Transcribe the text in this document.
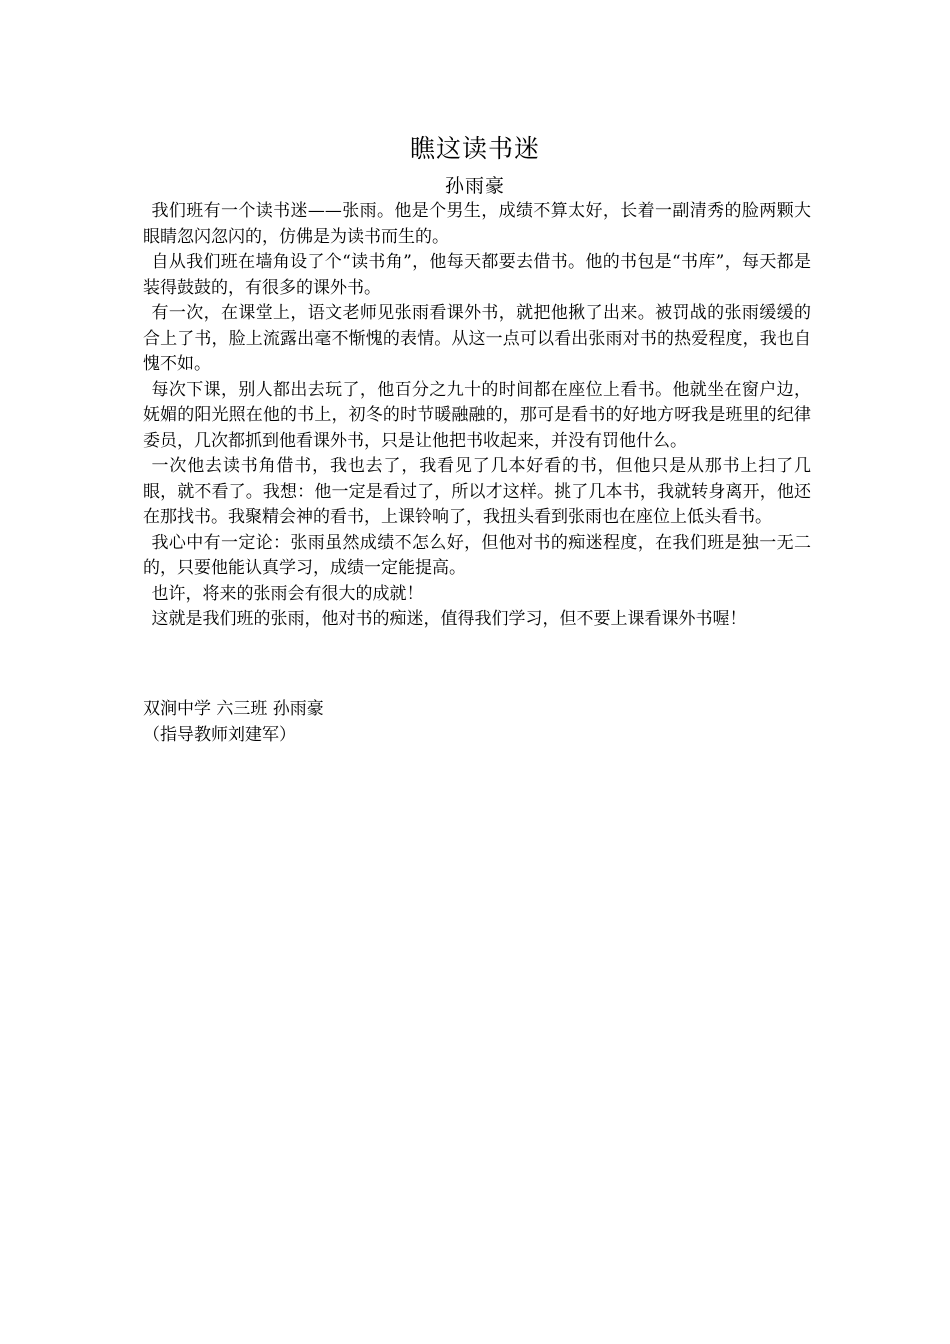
瞧这读书迷
孙雨豪

我们班有一个读书迷——张雨。他是个男生，成绩不算太好，长着一副清秀的脸两颗大眼睛忽闪忽闪的，仿佛是为读书而生的。

自从我们班在墙角设了个“读书角”，他每天都要去借书。他的书包是“书库”，每天都是装得鼓鼓的，有很多的课外书。

有一次，在课堂上，语文老师见张雨看课外书，就把他揪了出来。被罚战的张雨缓缓的合上了书，脸上流露出毫不惭愧的表情。从这一点可以看出张雨对书的热爱程度，我也自愧不如。

每次下课，别人都出去玩了，他百分之九十的时间都在座位上看书。他就坐在窗户边，妩媚的阳光照在他的书上，初冬的时节暖融融的，那可是看书的好地方呀我是班里的纪律委员，几次都抓到他看课外书，只是让他把书收起来，并没有罚他什么。

一次他去读书角借书，我也去了，我看见了几本好看的书，但他只是从那书上扫了几眼，就不看了。我想：他一定是看过了，所以才这样。挑了几本书，我就转身离开，他还在那找书。我聚精会神的看书，上课铃响了，我扭头看到张雨也在座位上低头看书。

我心中有一定论：张雨虽然成绩不怎么好，但他对书的痴迷程度，在我们班是独一无二的，只要他能认真学习，成绩一定能提高。

也许，将来的张雨会有很大的成就！

这就是我们班的张雨，他对书的痴迷，值得我们学习，但不要上课看课外书喔！

双涧中学 六三班 孙雨豪

（指导教师刘建军）
